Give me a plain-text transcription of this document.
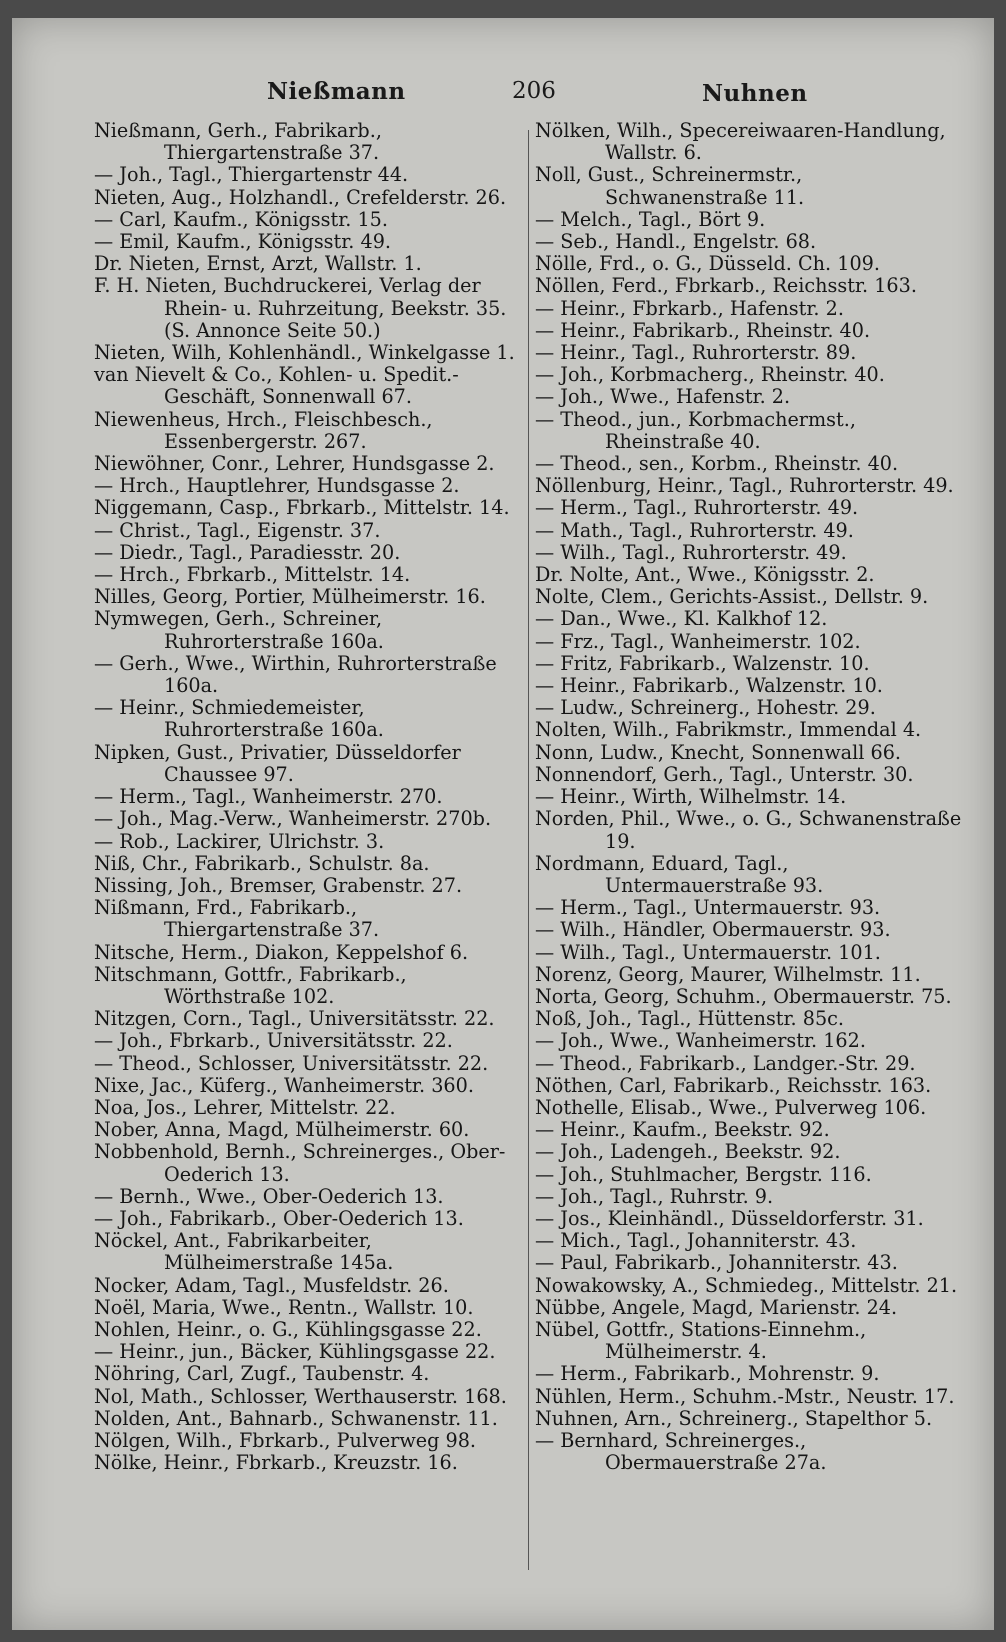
Nießmann	206	Nuhnen

Nießmann, Gerh., Fabrikarb., Thiergartenstraße 37.

— Joh., Tagl., Thiergartenstr 44.

Nieten, Aug., Holzhandl., Crefelderstr. 26.

— Carl, Kaufm., Königsstr. 15.

— Emil, Kaufm., Königsstr. 49.

Dr. Nieten, Ernst, Arzt, Wallstr. 1.

F. H. Nieten, Buchdruckerei, Verlag der Rhein- u. Ruhrzeitung, Beekstr. 35. (S. Annonce Seite 50.)

Nieten, Wilh, Kohlenhändl., Winkelgasse 1.

van Nievelt & Co., Kohlen- u. Spedit.-Geschäft, Sonnenwall 67.

Niewenheus, Hrch., Fleischbesch., Essenbergerstr. 267.

Niewöhner, Conr., Lehrer, Hundsgasse 2.

— Hrch., Hauptlehrer, Hundsgasse 2.

Niggemann, Casp., Fbrkarb., Mittelstr. 14.

— Christ., Tagl., Eigenstr. 37.

— Diedr., Tagl., Paradiesstr. 20.

— Hrch., Fbrkarb., Mittelstr. 14.

Nilles, Georg, Portier, Mülheimerstr. 16.

Nymwegen, Gerh., Schreiner, Ruhrorterstraße 160a.

— Gerh., Wwe., Wirthin, Ruhrorterstraße 160a.

— Heinr., Schmiedemeister, Ruhrorterstraße 160a.

Nipken, Gust., Privatier, Düsseldorfer Chaussee 97.

— Herm., Tagl., Wanheimerstr. 270.

— Joh., Mag.-Verw., Wanheimerstr. 270b.

— Rob., Lackirer, Ulrichstr. 3.

Niß, Chr., Fabrikarb., Schulstr. 8a.

Nissing, Joh., Bremser, Grabenstr. 27.

Nißmann, Frd., Fabrikarb., Thiergartenstraße 37.

Nitsche, Herm., Diakon, Keppelshof 6.

Nitschmann, Gottfr., Fabrikarb., Wörthstraße 102.

Nitzgen, Corn., Tagl., Universitätsstr. 22.

— Joh., Fbrkarb., Universitätsstr. 22.

— Theod., Schlosser, Universitätsstr. 22.

Nixe, Jac., Küferg., Wanheimerstr. 360.

Noa, Jos., Lehrer, Mittelstr. 22.

Nober, Anna, Magd, Mülheimerstr. 60.

Nobbenhold, Bernh., Schreinerges., Ober-Oederich 13.

— Bernh., Wwe., Ober-Oederich 13.

— Joh., Fabrikarb., Ober-Oederich 13.

Nöckel, Ant., Fabrikarbeiter, Mülheimerstraße 145a.

Nocker, Adam, Tagl., Musfeldstr. 26.

Noël, Maria, Wwe., Rentn., Wallstr. 10.

Nohlen, Heinr., o. G., Kühlingsgasse 22.

— Heinr., jun., Bäcker, Kühlingsgasse 22.

Nöhring, Carl, Zugf., Taubenstr. 4.

Nol, Math., Schlosser, Werthauserstr. 168.

Nolden, Ant., Bahnarb., Schwanenstr. 11.

Nölgen, Wilh., Fbrkarb., Pulverweg 98.

Nölke, Heinr., Fbrkarb., Kreuzstr. 16.

Nölken, Wilh., Specereiwaaren-Handlung, Wallstr. 6.

Noll, Gust., Schreinermstr., Schwanenstraße 11.

— Melch., Tagl., Bört 9.

— Seb., Handl., Engelstr. 68.

Nölle, Frd., o. G., Düsseld. Ch. 109.

Nöllen, Ferd., Fbrkarb., Reichsstr. 163.

— Heinr., Fbrkarb., Hafenstr. 2.

— Heinr., Fabrikarb., Rheinstr. 40.

— Heinr., Tagl., Ruhrorterstr. 89.

— Joh., Korbmacherg., Rheinstr. 40.

— Joh., Wwe., Hafenstr. 2.

— Theod., jun., Korbmachermst., Rheinstraße 40.

— Theod., sen., Korbm., Rheinstr. 40.

Nöllenburg, Heinr., Tagl., Ruhrorterstr. 49.

— Herm., Tagl., Ruhrorterstr. 49.

— Math., Tagl., Ruhrorterstr. 49.

— Wilh., Tagl., Ruhrorterstr. 49.

Dr. Nolte, Ant., Wwe., Königsstr. 2.

Nolte, Clem., Gerichts-Assist., Dellstr. 9.

— Dan., Wwe., Kl. Kalkhof 12.

— Frz., Tagl., Wanheimerstr. 102.

— Fritz, Fabrikarb., Walzenstr. 10.

— Heinr., Fabrikarb., Walzenstr. 10.

— Ludw., Schreinerg., Hohestr. 29.

Nolten, Wilh., Fabrikmstr., Immendal 4.

Nonn, Ludw., Knecht, Sonnenwall 66.

Nonnendorf, Gerh., Tagl., Unterstr. 30.

— Heinr., Wirth, Wilhelmstr. 14.

Norden, Phil., Wwe., o. G., Schwanenstraße 19.

Nordmann, Eduard, Tagl., Untermauerstraße 93.

— Herm., Tagl., Untermauerstr. 93.

— Wilh., Händler, Obermauerstr. 93.

— Wilh., Tagl., Untermauerstr. 101.

Norenz, Georg, Maurer, Wilhelmstr. 11.

Norta, Georg, Schuhm., Obermauerstr. 75.

Noß, Joh., Tagl., Hüttenstr. 85c.

— Joh., Wwe., Wanheimerstr. 162.

— Theod., Fabrikarb., Landger.-Str. 29.

Nöthen, Carl, Fabrikarb., Reichsstr. 163.

Nothelle, Elisab., Wwe., Pulverweg 106.

— Heinr., Kaufm., Beekstr. 92.

— Joh., Ladengeh., Beekstr. 92.

— Joh., Stuhlmacher, Bergstr. 116.

— Joh., Tagl., Ruhrstr. 9.

— Jos., Kleinhändl., Düsseldorferstr. 31.

— Mich., Tagl., Johanniterstr. 43.

— Paul, Fabrikarb., Johanniterstr. 43.

Nowakowsky, A., Schmiedeg., Mittelstr. 21.

Nübbe, Angele, Magd, Marienstr. 24.

Nübel, Gottfr., Stations-Einnehm., Mülheimerstr. 4.

— Herm., Fabrikarb., Mohrenstr. 9.

Nühlen, Herm., Schuhm.-Mstr., Neustr. 17.

Nuhnen, Arn., Schreinerg., Stapelthor 5.

— Bernhard, Schreinerges., Obermauerstraße 27a.
